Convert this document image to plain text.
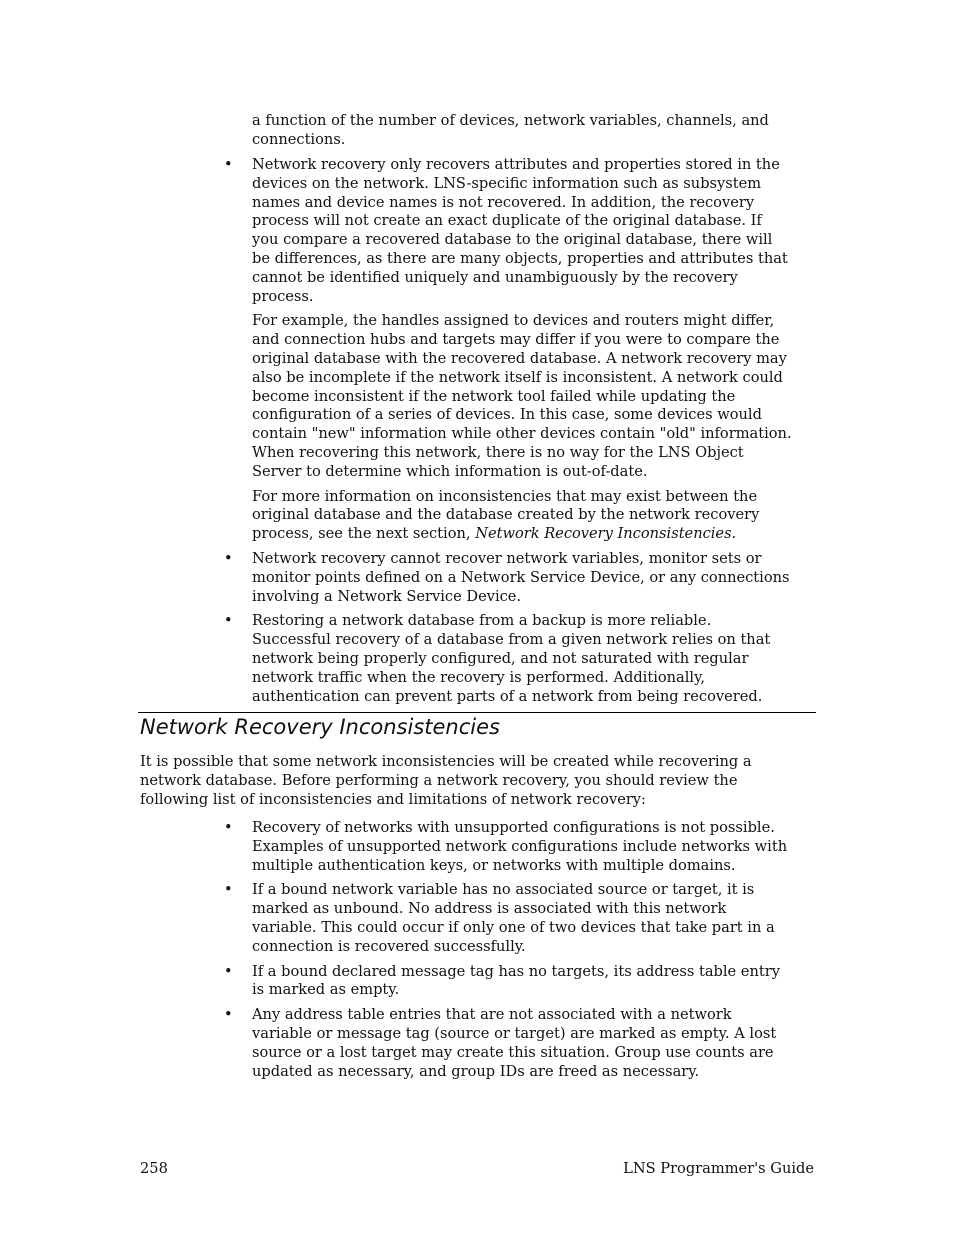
a function of the number of devices, network variables, channels, and connections.

• Network recovery only recovers attributes and properties stored in the devices on the network. LNS-specific information such as subsystem names and device names is not recovered. In addition, the recovery process will not create an exact duplicate of the original database. If you compare a recovered database to the original database, there will be differences, as there are many objects, properties and attributes that cannot be identified uniquely and unambiguously by the recovery process.

For example, the handles assigned to devices and routers might differ, and connection hubs and targets may differ if you were to compare the original database with the recovered database. A network recovery may also be incomplete if the network itself is inconsistent. A network could become inconsistent if the network tool failed while updating the configuration of a series of devices. In this case, some devices would contain "new" information while other devices contain "old" information. When recovering this network, there is no way for the LNS Object Server to determine which information is out-of-date.

For more information on inconsistencies that may exist between the original database and the database created by the network recovery process, see the next section, Network Recovery Inconsistencies.

• Network recovery cannot recover network variables, monitor sets or monitor points defined on a Network Service Device, or any connections involving a Network Service Device.

• Restoring a network database from a backup is more reliable. Successful recovery of a database from a given network relies on that network being properly configured, and not saturated with regular network traffic when the recovery is performed. Additionally, authentication can prevent parts of a network from being recovered.

Network Recovery Inconsistencies

It is possible that some network inconsistencies will be created while recovering a network database. Before performing a network recovery, you should review the following list of inconsistencies and limitations of network recovery:

• Recovery of networks with unsupported configurations is not possible. Examples of unsupported network configurations include networks with multiple authentication keys, or networks with multiple domains.

• If a bound network variable has no associated source or target, it is marked as unbound. No address is associated with this network variable. This could occur if only one of two devices that take part in a connection is recovered successfully.

• If a bound declared message tag has no targets, its address table entry is marked as empty.

• Any address table entries that are not associated with a network variable or message tag (source or target) are marked as empty. A lost source or a lost target may create this situation. Group use counts are updated as necessary, and group IDs are freed as necessary.

258	LNS Programmer's Guide
